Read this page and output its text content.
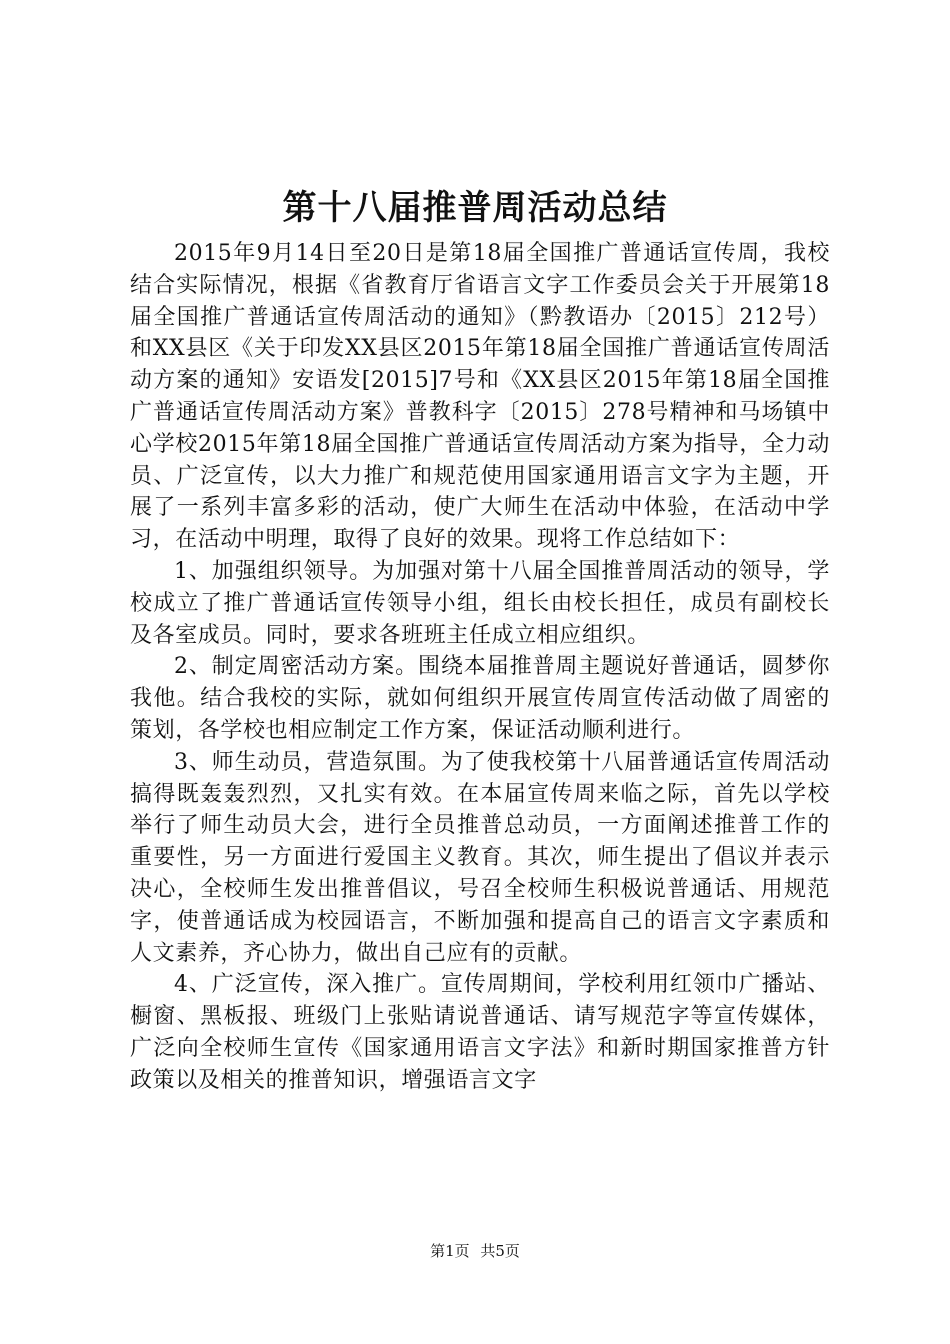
第十八届推普周活动总结

2015年9月14日至20日是第18届全国推广普通话宣传周，我校结合实际情况，根据《省教育厅省语言文字工作委员会关于开展第18届全国推广普通话宣传周活动的通知》（黔教语办〔2015〕212号）和XX县区《关于印发XX县区2015年第18届全国推广普通话宣传周活动方案的通知》安语发[2015]7号和《XX县区2015年第18届全国推广普通话宣传周活动方案》普教科字〔2015〕278号精神和马场镇中心学校2015年第18届全国推广普通话宣传周活动方案为指导，全力动员、广泛宣传，以大力推广和规范使用国家通用语言文字为主题，开展了一系列丰富多彩的活动，使广大师生在活动中体验，在活动中学习，在活动中明理，取得了良好的效果。现将工作总结如下：

1、加强组织领导。为加强对第十八届全国推普周活动的领导，学校成立了推广普通话宣传领导小组，组长由校长担任，成员有副校长及各室成员。同时，要求各班班主任成立相应组织。

2、制定周密活动方案。围绕本届推普周主题说好普通话，圆梦你我他。结合我校的实际，就如何组织开展宣传周宣传活动做了周密的策划，各学校也相应制定工作方案，保证活动顺利进行。

3、师生动员，营造氛围。为了使我校第十八届普通话宣传周活动搞得既轰轰烈烈，又扎实有效。在本届宣传周来临之际，首先以学校举行了师生动员大会，进行全员推普总动员，一方面阐述推普工作的重要性，另一方面进行爱国主义教育。其次，师生提出了倡议并表示决心，全校师生发出推普倡议，号召全校师生积极说普通话、用规范字，使普通话成为校园语言，不断加强和提高自己的语言文字素质和人文素养，齐心协力，做出自己应有的贡献。

4、广泛宣传，深入推广。宣传周期间，学校利用红领巾广播站、橱窗、黑板报、班级门上张贴请说普通话、请写规范字等宣传媒体，广泛向全校师生宣传《国家通用语言文字法》和新时期国家推普方针政策以及相关的推普知识，增强语言文字

第1页 共5页
